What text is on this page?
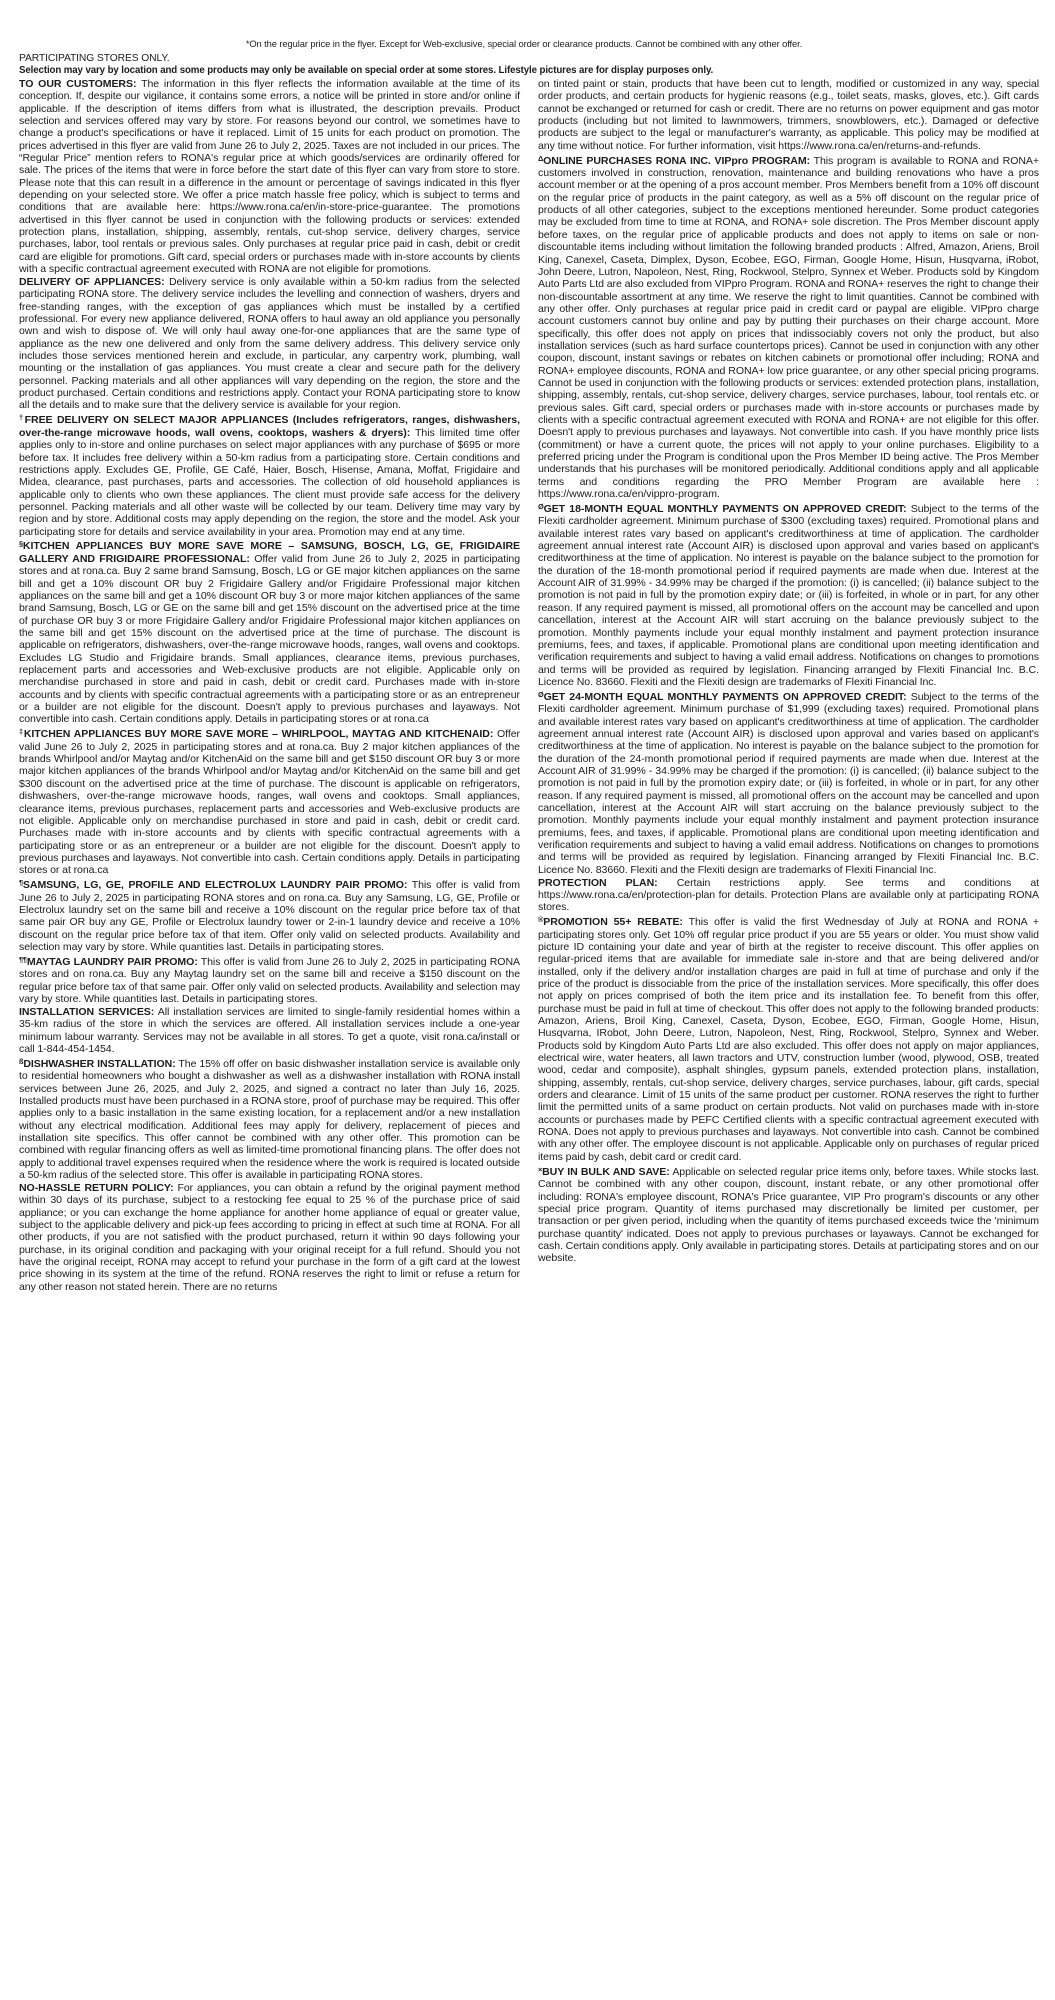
*On the regular price in the flyer. Except for Web-exclusive, special order or clearance products. Cannot be combined with any other offer.
PARTICIPATING STORES ONLY.
Selection may vary by location and some products may only be available on special order at some stores. Lifestyle pictures are for display purposes only.

TO OUR CUSTOMERS: The information in this flyer reflects the information available at the time of its conception. If, despite our vigilance, it contains some errors, a notice will be printed in store and/or online if applicable. If the description of items differs from what is illustrated, the description prevails. Product selection and services offered may vary by store. For reasons beyond our control, we sometimes have to change a product's specifications or have it replaced. Limit of 15 units for each product on promotion. The prices advertised in this flyer are valid from June 26 to July 2, 2025. Taxes are not included in our prices. The “Regular Price” mention refers to RONA's regular price at which goods/services are ordinarily offered for sale. The prices of the items that were in force before the start date of this flyer can vary from store to store. Please note that this can result in a difference in the amount or percentage of savings indicated in this flyer depending on your selected store. We offer a price match hassle free policy, which is subject to terms and conditions that are available here: https://www.rona.ca/en/in-store-price-guarantee. The promotions advertised in this flyer cannot be used in conjunction with the following products or services: extended protection plans, installation, shipping, assembly, rentals, cut-shop service, delivery charges, service purchases, labor, tool rentals or previous sales. Only purchases at regular price paid in cash, debit or credit card are eligible for promotions. Gift card, special orders or purchases made with in-store accounts by clients with a specific contractual agreement executed with RONA are not eligible for promotions.

DELIVERY OF APPLIANCES: Delivery service is only available within a 50-km radius from the selected participating RONA store. The delivery service includes the levelling and connection of washers, dryers and free-standing ranges, with the exception of gas appliances which must be installed by a certified professional. For every new appliance delivered, RONA offers to haul away an old appliance you personally own and wish to dispose of. We will only haul away one-for-one appliances that are the same type of appliance as the new one delivered and only from the same delivery address. This delivery service only includes those services mentioned herein and exclude, in particular, any carpentry work, plumbing, wall mounting or the installation of gas appliances. You must create a clear and secure path for the delivery personnel. Packing materials and all other appliances will vary depending on the region, the store and the product purchased. Certain conditions and restrictions apply. Contact your RONA participating store to know all the details and to make sure that the delivery service is available for your region.

†FREE DELIVERY ON SELECT MAJOR APPLIANCES (Includes refrigerators, ranges, dishwashers, over-the-range microwave hoods, wall ovens, cooktops, washers & dryers): This limited time offer applies only to in-store and online purchases on select major appliances with any purchase of $695 or more before tax. It includes free delivery within a 50-km radius from a participating store. Certain conditions and restrictions apply. Excludes GE, Profile, GE Café, Haier, Bosch, Hisense, Amana, Moffat, Frigidaire and Midea, clearance, past purchases, parts and accessories. The collection of old household appliances is applicable only to clients who own these appliances. The client must provide safe access for the delivery personnel. Packing materials and all other waste will be collected by our team. Delivery time may vary by region and by store. Additional costs may apply depending on the region, the store and the model. Ask your participating store for details and service availability in your area. Promotion may end at any time.

§KITCHEN APPLIANCES BUY MORE SAVE MORE – SAMSUNG, BOSCH, LG, GE, FRIGIDAIRE GALLERY AND FRIGIDAIRE PROFESSIONAL: Offer valid from June 26 to July 2, 2025 in participating stores and at rona.ca. Buy 2 same brand Samsung, Bosch, LG or GE major kitchen appliances on the same bill and get a 10% discount OR buy 2 Frigidaire Gallery and/or Frigidaire Professional major kitchen appliances on the same bill and get a 10% discount OR buy 3 or more major kitchen appliances of the same brand Samsung, Bosch, LG or GE on the same bill and get 15% discount on the advertised price at the time of purchase OR buy 3 or more Frigidaire Gallery and/or Frigidaire Professional major kitchen appliances on the same bill and get 15% discount on the advertised price at the time of purchase. The discount is applicable on refrigerators, dishwashers, over-the-range microwave hoods, ranges, wall ovens and cooktops. Excludes LG Studio and Frigidaire brands. Small appliances, clearance items, previous purchases, replacement parts and accessories and Web-exclusive products are not eligible. Applicable only on merchandise purchased in store and paid in cash, debit or credit card. Purchases made with in-store accounts and by clients with specific contractual agreements with a participating store or as an entrepreneur or a builder are not eligible for the discount. Doesn't apply to previous purchases and layaways. Not convertible into cash. Certain conditions apply. Details in participating stores or at rona.ca

‡KITCHEN APPLIANCES BUY MORE SAVE MORE – WHIRLPOOL, MAYTAG AND KITCHENAID: Offer valid June 26 to July 2, 2025 in participating stores and at rona.ca. Buy 2 major kitchen appliances of the brands Whirlpool and/or Maytag and/or KitchenAid on the same bill and get $150 discount OR buy 3 or more major kitchen appliances of the brands Whirlpool and/or Maytag and/or KitchenAid on the same bill and get $300 discount on the advertised price at the time of purchase. The discount is applicable on refrigerators, dishwashers, over-the-range microwave hoods, ranges, wall ovens and cooktops. Small appliances, clearance items, previous purchases, replacement parts and accessories and Web-exclusive products are not eligible. Applicable only on merchandise purchased in store and paid in cash, debit or credit card. Purchases made with in-store accounts and by clients with specific contractual agreements with a participating store or as an entrepreneur or a builder are not eligible for the discount. Doesn't apply to previous purchases and layaways. Not convertible into cash. Certain conditions apply. Details in participating stores or at rona.ca

¶SAMSUNG, LG, GE, PROFILE AND ELECTROLUX LAUNDRY PAIR PROMO: This offer is valid from June 26 to July 2, 2025 in participating RONA stores and on rona.ca. Buy any Samsung, LG, GE, Profile or Electrolux laundry set on the same bill and receive a 10% discount on the regular price before tax of that same pair OR buy any GE, Profile or Electrolux laundry tower or 2-in-1 laundry device and receive a 10% discount on the regular price before tax of that item. Offer only valid on selected products. Availability and selection may vary by store. While quantities last. Details in participating stores.

¶¶MAYTAG LAUNDRY PAIR PROMO: This offer is valid from June 26 to July 2, 2025 in participating RONA stores and on rona.ca. Buy any Maytag laundry set on the same bill and receive a $150 discount on the regular price before tax of that same pair. Offer only valid on selected products. Availability and selection may vary by store. While quantities last. Details in participating stores.

INSTALLATION SERVICES: All installation services are limited to single-family residential homes within a 35-km radius of the store in which the services are offered. All installation services include a one-year minimum labour warranty. Services may not be available in all stores. To get a quote, visit rona.ca/install or call 1-844-454-1454.

$^ß$DISHWASHER INSTALLATION: The 15% off offer on basic dishwasher installation service is available only to residential homeowners who bought a dishwasher as well as a dishwasher installation with RONA install services between June 26, 2025, and July 2, 2025, and signed a contract no later than July 16, 2025. Installed products must have been purchased in a RONA store, proof of purchase may be required. This offer applies only to a basic installation in the same existing location, for a replacement and/or a new installation without any electrical modification. Additional fees may apply for delivery, replacement of pieces and installation site specifics. This offer cannot be combined with any other offer. This promotion can be combined with regular financing offers as well as limited-time promotional financing plans. The offer does not apply to additional travel expenses required when the residence where the work is required is located outside a 50-km radius of the selected store. This offer is available in participating RONA stores.

NO-HASSLE RETURN POLICY: For appliances, you can obtain a refund by the original payment method within 30 days of its purchase, subject to a restocking fee equal to 25 % of the purchase price of said appliance; or you can exchange the home appliance for another home appliance of equal or greater value, subject to the applicable delivery and pick-up fees according to pricing in effect at such time at RONA. For all other products, if you are not satisfied with the product purchased, return it within 90 days following your purchase, in its original condition and packaging with your original receipt for a full refund. Should you not have the original receipt, RONA may accept to refund your purchase in the form of a gift card at the lowest price showing in its system at the time of the refund. RONA reserves the right to limit or refuse a return for any other reason not stated herein. There are no returns

on tinted paint or stain, products that have been cut to length, modified or customized in any way, special order products, and certain products for hygienic reasons (e.g., toilet seats, masks, gloves, etc.). Gift cards cannot be exchanged or returned for cash or credit. There are no returns on power equipment and gas motor products (including but not limited to lawnmowers, trimmers, snowblowers, etc.). Damaged or defective products are subject to the legal or manufacturer's warranty, as applicable. This policy may be modified at any time without notice. For further information, visit https://www.rona.ca/en/returns-and-refunds.

$^\Delta$ONLINE PURCHASES RONA INC. VIPpro PROGRAM: This program is available to RONA and RONA+ customers involved in construction, renovation, maintenance and building renovations who have a pros account member or at the opening of a pros account member. Pros Members benefit from a 10% off discount on the regular price of products in the paint category, as well as a 5% off discount on the regular price of products of all other categories, subject to the exceptions mentioned hereunder. Some product categories may be excluded from time to time at RONA, and RONA+ sole discretion. The Pros Member discount apply before taxes, on the regular price of applicable products and does not apply to items on sale or non-discountable items including without limitation the following branded products : Alfred, Amazon, Ariens, Broil King, Canexel, Caseta, Dimplex, Dyson, Ecobee, EGO, Firman, Google Home, Hisun, Husqvarna, iRobot, John Deere, Lutron, Napoleon, Nest, Ring, Rockwool, Stelpro, Synnex et Weber. Products sold by Kingdom Auto Parts Ltd are also excluded from VIPpro Program. RONA and RONA+ reserves the right to change their non-discountable assortment at any time. We reserve the right to limit quantities. Cannot be combined with any other offer. Only purchases at regular price paid in credit card or paypal are eligible. VIPpro charge account customers cannot buy online and pay by putting their purchases on their charge account. More specifically, this offer does not apply on prices that indissociably covers not only the product, but also installation services (such as hard surface countertops prices). Cannot be used in conjunction with any other coupon, discount, instant savings or rebates on kitchen cabinets or promotional offer including; RONA and RONA+ employee discounts, RONA and RONA+ low price guarantee, or any other special pricing programs. Cannot be used in conjunction with the following products or services: extended protection plans, installation, shipping, assembly, rentals, cut-shop service, delivery charges, service purchases, labour, tool rentals etc. or previous sales. Gift card, special orders or purchases made with in-store accounts or purchases made by clients with a specific contractual agreement executed with RONA and RONA+ are not eligible for this offer. Doesn't apply to previous purchases and layaways. Not convertible into cash. If you have monthly price lists (commitment) or have a current quote, the prices will not apply to your online purchases. Eligibility to a preferred pricing under the Program is conditional upon the Pros Member ID being active. The Pros Member understands that his purchases will be monitored periodically. Additional conditions apply and all applicable terms and conditions regarding the PRO Member Program are available here : https://www.rona.ca/en/vippro-program.

$^Ø$GET 18-MONTH EQUAL MONTHLY PAYMENTS ON APPROVED CREDIT: Subject to the terms of the Flexiti cardholder agreement. Minimum purchase of $300 (excluding taxes) required. Promotional plans and available interest rates vary based on applicant's creditworthiness at time of application. The cardholder agreement annual interest rate (Account AIR) is disclosed upon approval and varies based on applicant's creditworthiness at the time of application. No interest is payable on the balance subject to the promotion for the duration of the 18-month promotional period if required payments are made when due. Interest at the Account AIR of 31.99% - 34.99% may be charged if the promotion: (i) is cancelled; (ii) balance subject to the promotion is not paid in full by the promotion expiry date; or (iii) is forfeited, in whole or in part, for any other reason. If any required payment is missed, all promotional offers on the account may be cancelled and upon cancellation, interest at the Account AIR will start accruing on the balance previously subject to the promotion. Monthly payments include your equal monthly instalment and payment protection insurance premiums, fees, and taxes, if applicable. Promotional plans are conditional upon meeting identification and verification requirements and subject to having a valid email address. Notifications on changes to promotions and terms will be provided as required by legislation. Financing arranged by Flexiti Financial Inc. B.C. Licence No. 83660. Flexiti and the Flexiti design are trademarks of Flexiti Financial Inc.

$^Ø$GET 24-MONTH EQUAL MONTHLY PAYMENTS ON APPROVED CREDIT: Subject to the terms of the Flexiti cardholder agreement. Minimum purchase of $1,999 (excluding taxes) required. Promotional plans and available interest rates vary based on applicant's creditworthiness at time of application. The cardholder agreement annual interest rate (Account AIR) is disclosed upon approval and varies based on applicant's creditworthiness at the time of application. No interest is payable on the balance subject to the promotion for the duration of the 24-month promotional period if required payments are made when due. Interest at the Account AIR of 31.99% - 34.99% may be charged if the promotion: (i) is cancelled; (ii) balance subject to the promotion is not paid in full by the promotion expiry date; or (iii) is forfeited, in whole or in part, for any other reason. If any required payment is missed, all promotional offers on the account may be cancelled and upon cancellation, interest at the Account AIR will start accruing on the balance previously subject to the promotion. Monthly payments include your equal monthly instalment and payment protection insurance premiums, fees, and taxes, if applicable. Promotional plans are conditional upon meeting identification and verification requirements and subject to having a valid email address. Notifications on changes to promotions and terms will be provided as required by legislation. Financing arranged by Flexiti Financial Inc. B.C. Licence No. 83660. Flexiti and the Flexiti design are trademarks of Flexiti Financial Inc.

PROTECTION PLAN: Certain restrictions apply. See terms and conditions at https://www.rona.ca/en/protection-plan for details. Protection Plans are available only at participating RONA stores.

®PROMOTION 55+ REBATE: This offer is valid the first Wednesday of July at RONA and RONA + participating stores only. Get 10% off regular price product if you are 55 years or older. You must show valid picture ID containing your date and year of birth at the register to receive discount. This offer applies on regular-priced items that are available for immediate sale in-store and that are being delivered and/or installed, only if the delivery and/or installation charges are paid in full at time of purchase and only if the price of the product is dissociable from the price of the installation services. More specifically, this offer does not apply on prices comprised of both the item price and its installation fee. To benefit from this offer, purchase must be paid in full at time of checkout. This offer does not apply to the following branded products: Amazon, Ariens, Broil King, Canexel, Caseta, Dyson, Ecobee, EGO, Firman, Google Home, Hisun, Husqvarna, IRobot, John Deere, Lutron, Napoleon, Nest, Ring, Rockwool, Stelpro, Synnex and Weber. Products sold by Kingdom Auto Parts Ltd are also excluded. This offer does not apply on major appliances, electrical wire, water heaters, all lawn tractors and UTV, construction lumber (wood, plywood, OSB, treated wood, cedar and composite), asphalt shingles, gypsum panels, extended protection plans, installation, shipping, assembly, rentals, cut-shop service, delivery charges, service purchases, labour, gift cards, special orders and clearance. Limit of 15 units of the same product per customer. RONA reserves the right to further limit the permitted units of a same product on certain products. Not valid on purchases made with in-store accounts or purchases made by PEFC Certified clients with a specific contractual agreement executed with RONA. Does not apply to previous purchases and layaways. Not convertible into cash. Cannot be combined with any other offer. The employee discount is not applicable. Applicable only on purchases of regular priced items paid by cash, debit card or credit card.

×BUY IN BULK AND SAVE: Applicable on selected regular price items only, before taxes. While stocks last. Cannot be combined with any other coupon, discount, instant rebate, or any other promotional offer including: RONA's employee discount, RONA's Price guarantee, VIP Pro program's discounts or any other special price program. Quantity of items purchased may discretionally be limited per customer, per transaction or per given period, including when the quantity of items purchased exceeds twice the 'minimum purchase quantity' indicated. Does not apply to previous purchases or layaways. Cannot be exchanged for cash. Certain conditions apply. Only available in participating stores. Details at participating stores and on our website.
